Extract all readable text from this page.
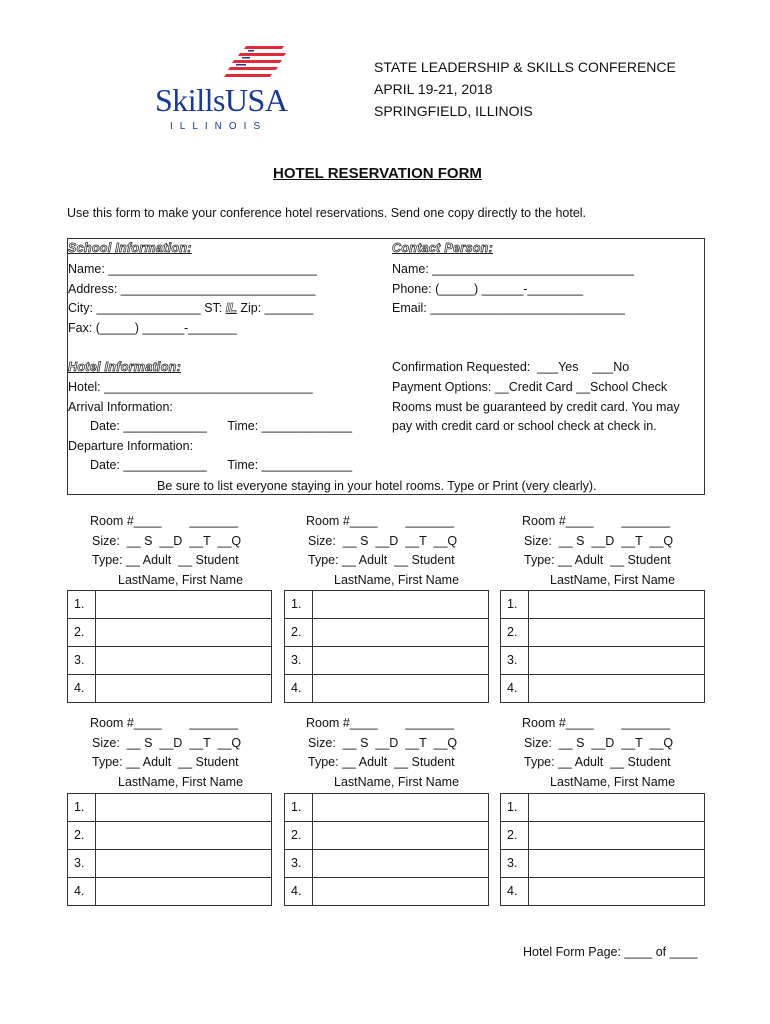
SkillsUSA
ILLINOIS
STATE LEADERSHIP & SKILLS CONFERENCE
APRIL 19-21, 2018
SPRINGFIELD, ILLINOIS
HOTEL RESERVATION FORM
Use this form to make your conference hotel reservations. Send one copy directly to the hotel.
School Information:
Name: ______________________________
Address: ____________________________
City: _______________ ST: IL Zip: _______
Fax: (_____) ______-_______
Contact Person:
Name: _____________________________
Phone: (_____) ______-________
Email: ____________________________
Hotel Information:
Hotel: ______________________________
Arrival Information:
Date: ____________      Time: _____________
Departure Information:
Date: ____________      Time: _____________
Confirmation Requested:  ___Yes    ___No
Payment Options: __Credit Card __School Check
Rooms must be guaranteed by credit card. You may
pay with credit card or school check at check in.
Be sure to list everyone staying in your hotel rooms. Type or Print (very clearly).
Room #____        _______
Size:  __ S  __D  __T  __Q
Type: __ Adult  __ Student
LastName, First Name
1.
2.
3.
4.
Room #____        _______
Size:  __ S  __D  __T  __Q
Type: __ Adult  __ Student
LastName, First Name
1.
2.
3.
4.
Room #____        _______
Size:  __ S  __D  __T  __Q
Type: __ Adult  __ Student
LastName, First Name
1.
2.
3.
4.
Room #____        _______
Size:  __ S  __D  __T  __Q
Type: __ Adult  __ Student
LastName, First Name
1.
2.
3.
4.
Room #____        _______
Size:  __ S  __D  __T  __Q
Type: __ Adult  __ Student
LastName, First Name
1.
2.
3.
4.
Room #____        _______
Size:  __ S  __D  __T  __Q
Type: __ Adult  __ Student
LastName, First Name
1.
2.
3.
4.
Hotel Form Page: ____ of ____
